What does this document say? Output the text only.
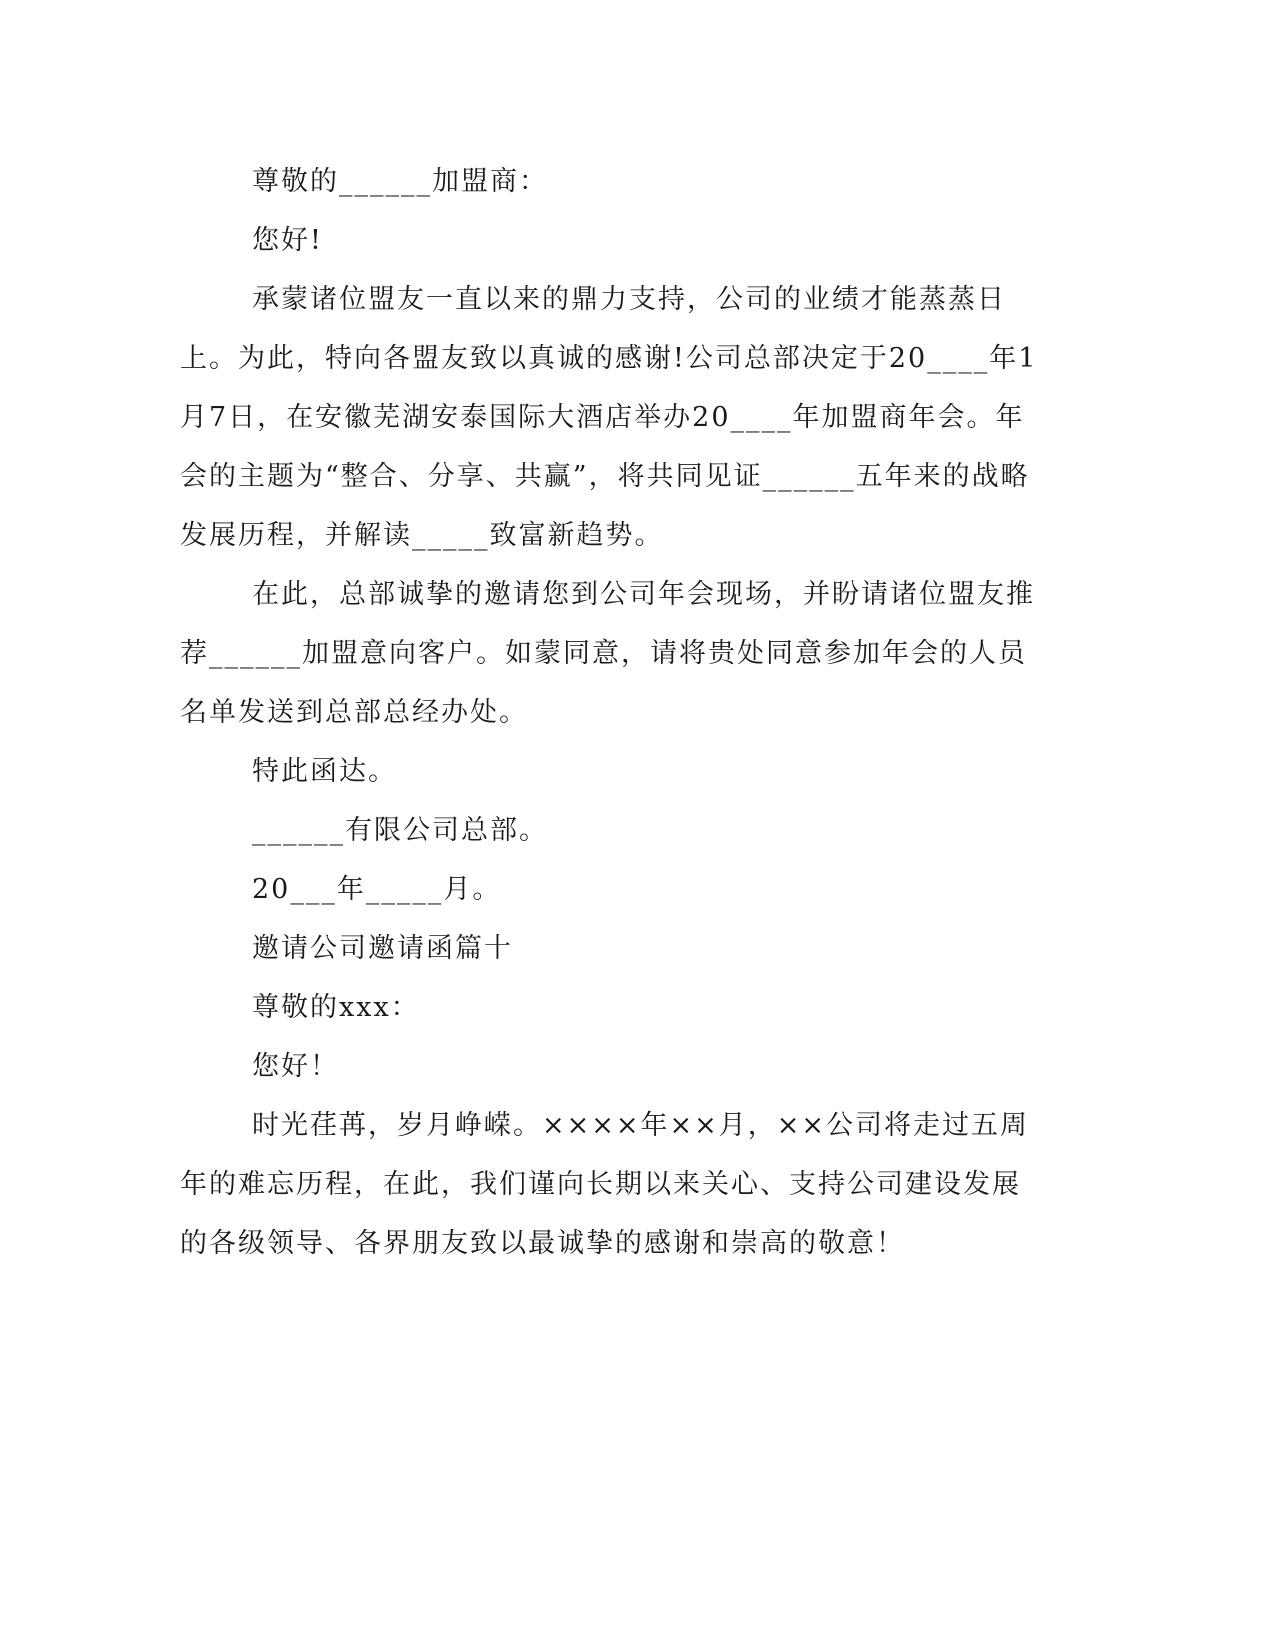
尊敬的______加盟商：

您好!

承蒙诸位盟友一直以来的鼎力支持，公司的业绩才能蒸蒸日上。为此，特向各盟友致以真诚的感谢!公司总部决定于20____年1月7日，在安徽芜湖安泰国际大酒店举办20____年加盟商年会。年会的主题为“整合、分享、共赢”，将共同见证______五年来的战略发展历程，并解读_____致富新趋势。

在此，总部诚挚的邀请您到公司年会现场，并盼请诸位盟友推荐______加盟意向客户。如蒙同意，请将贵处同意参加年会的人员名单发送到总部总经办处。

特此函达。

______有限公司总部。

20___年_____月。

邀请公司邀请函篇十

尊敬的xxx：

您好！

时光荏苒，岁月峥嵘。××××年××月，××公司将走过五周年的难忘历程，在此，我们谨向长期以来关心、支持公司建设发展的各级领导、各界朋友致以最诚挚的感谢和崇高的敬意！
